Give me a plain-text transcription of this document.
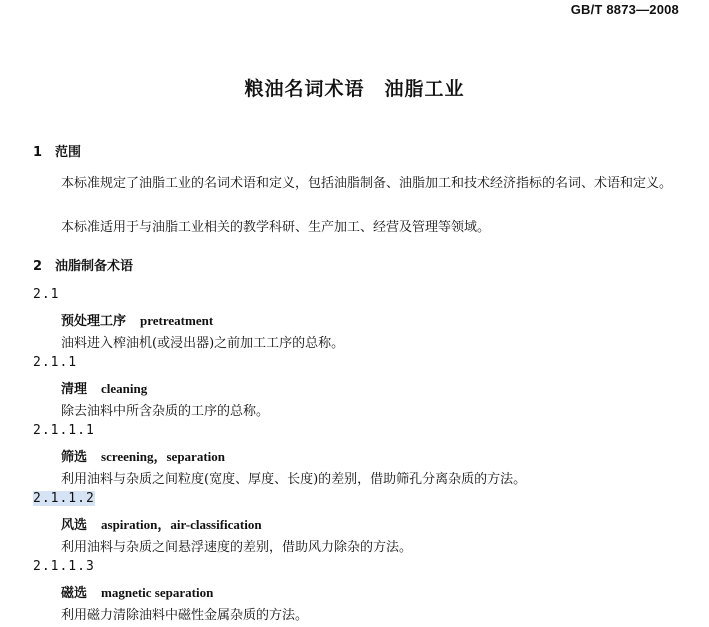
GB/T 8873—2008
粮油名词术语　油脂工业
1 范围

本标准规定了油脂工业的名词术语和定义，包括油脂制备、油脂加工和技术经济指标的名词、术语和定义。

本标准适用于与油脂工业相关的教学科研、生产加工、经营及管理等领域。

2 油脂制备术语
2.1
预处理工序 pretreatment
油料进入榨油机(或浸出器)之前加工工序的总称。
2.1.1
清理 cleaning
除去油料中所含杂质的工序的总称。
2.1.1.1
筛选 screening，separation
利用油料与杂质之间粒度(宽度、厚度、长度)的差别，借助筛孔分离杂质的方法。
2.1.1.2
风选 aspiration，air-classification
利用油料与杂质之间悬浮速度的差别，借助风力除杂的方法。
2.1.1.3
磁选 magnetic separation
利用磁力清除油料中磁性金属杂质的方法。
